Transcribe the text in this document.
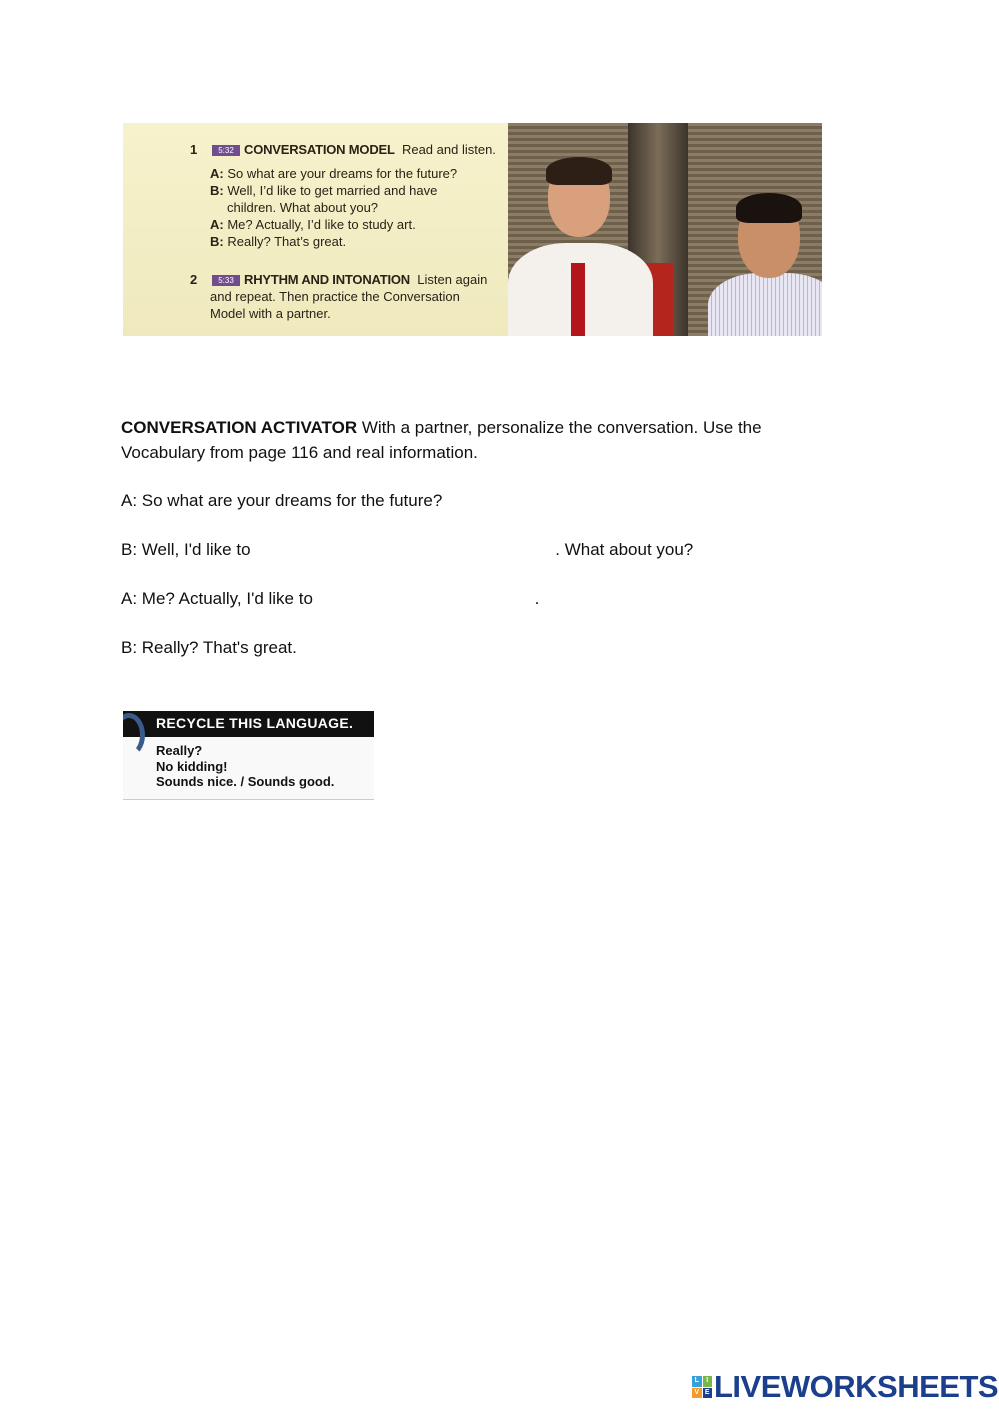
1	5:32 CONVERSATION MODEL Read and listen.
A: So what are your dreams for the future?
B: Well, I’d like to get married and have
children. What about you?
A: Me? Actually, I’d like to study art.
B: Really? That’s great.
2	5:33 RHYTHM AND INTONATION Listen again
and repeat. Then practice the Conversation
Model with a partner.
CONVERSATION ACTIVATOR With a partner, personalize the conversation. Use the
Vocabulary from page 116 and real information.
A: So what are your dreams for the future?
B: Well, I'd like to	. What about you?
A: Me? Actually, I'd like to	.
B: Really? That's great.
RECYCLE THIS LANGUAGE.
Really?
No kidding!
Sounds nice. / Sounds good.
L	I
V E LIVEWORKSHEETS
